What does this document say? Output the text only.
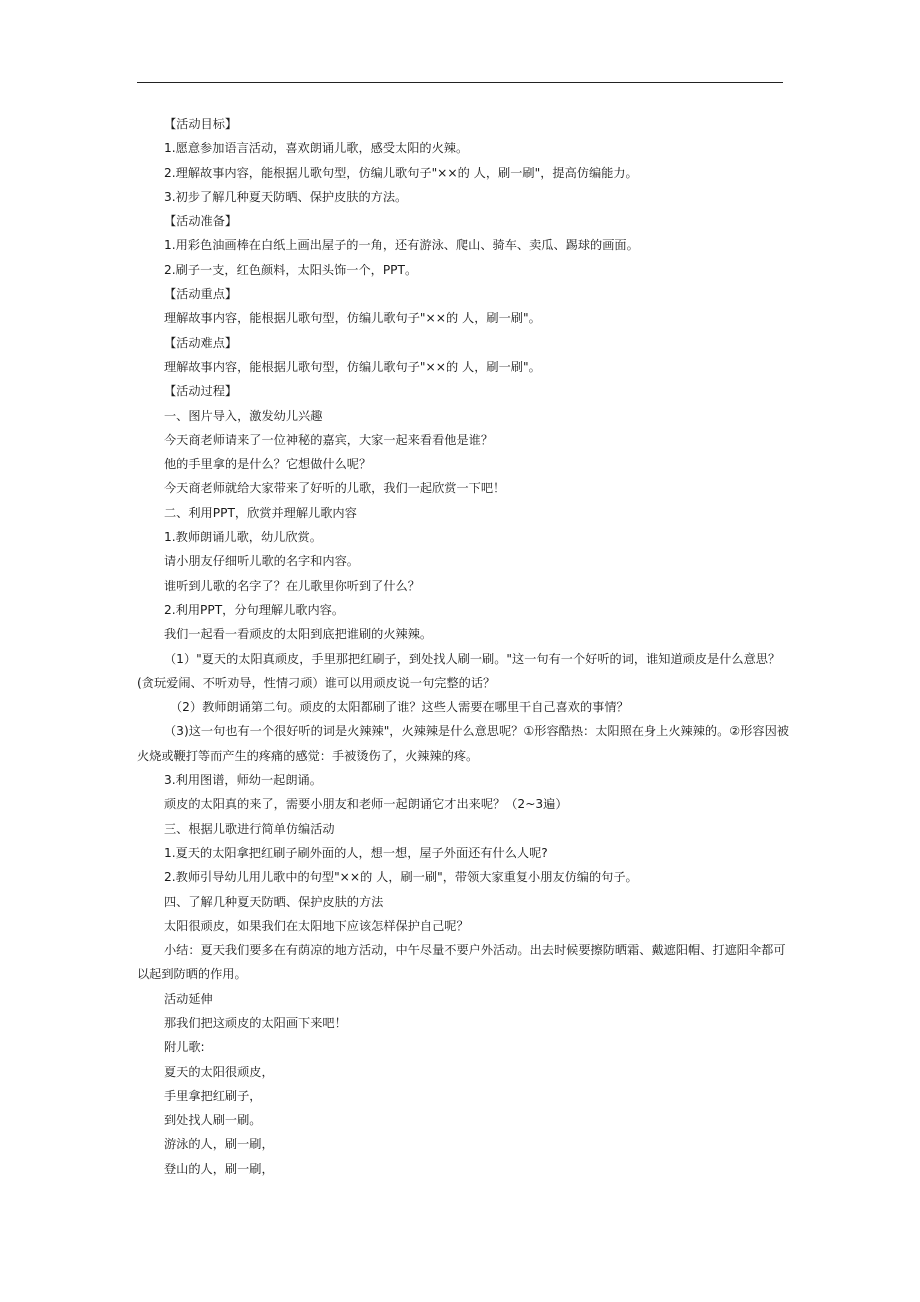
【活动目标】
1.愿意参加语言活动，喜欢朗诵儿歌，感受太阳的火辣。
2.理解故事内容，能根据儿歌句型，仿编儿歌句子"××的 人，刷一刷"，提高仿编能力。
3.初步了解几种夏天防晒、保护皮肤的方法。
【活动准备】
1.用彩色油画棒在白纸上画出屋子的一角，还有游泳、爬山、骑车、卖瓜、踢球的画面。
2.刷子一支，红色颜料，太阳头饰一个，PPT。
【活动重点】
理解故事内容，能根据儿歌句型，仿编儿歌句子"××的 人，刷一刷"。
【活动难点】
理解故事内容，能根据儿歌句型，仿编儿歌句子"××的 人，刷一刷"。
【活动过程】
一、图片导入，激发幼儿兴趣
今天商老师请来了一位神秘的嘉宾，大家一起来看看他是谁？
他的手里拿的是什么？它想做什么呢？
今天商老师就给大家带来了好听的儿歌，我们一起欣赏一下吧！
二、利用PPT，欣赏并理解儿歌内容
1.教师朗诵儿歌，幼儿欣赏。
请小朋友仔细听儿歌的名字和内容。
谁听到儿歌的名字了？在儿歌里你听到了什么？
2.利用PPT，分句理解儿歌内容。
我们一起看一看顽皮的太阳到底把谁刷的火辣辣。
（1）"夏天的太阳真顽皮，手里那把红刷子，到处找人刷一刷。"这一句有一个好听的词，谁知道顽皮是什么意思？(贪玩爱闹、不听劝导，性情刁顽）谁可以用顽皮说一句完整的话？
（2）教师朗诵第二句。顽皮的太阳都刷了谁？这些人需要在哪里干自己喜欢的事情？
（3)这一句也有一个很好听的词是火辣辣"，火辣辣是什么意思呢？①形容酷热：太阳照在身上火辣辣的。②形容因被火烧或鞭打等而产生的疼痛的感觉：手被烫伤了，火辣辣的疼。
3.利用图谱，师幼一起朗诵。
顽皮的太阳真的来了，需要小朋友和老师一起朗诵它才出来呢？（2~3遍）
三、根据儿歌进行简单仿编活动
1.夏天的太阳拿把红刷子刷外面的人，想一想，屋子外面还有什么人呢?
2.教师引导幼儿用儿歌中的句型"××的 人，刷一刷"，带领大家重复小朋友仿编的句子。
四、了解几种夏天防晒、保护皮肤的方法
太阳很顽皮，如果我们在太阳地下应该怎样保护自己呢？
小结：夏天我们要多在有荫凉的地方活动，中午尽量不要户外活动。出去时候要擦防晒霜、戴遮阳帽、打遮阳伞都可以起到防晒的作用。
活动延伸
那我们把这顽皮的太阳画下来吧！
附儿歌:
夏天的太阳很顽皮，
手里拿把红刷子，
到处找人刷一刷。
游泳的人，刷一刷，
登山的人，刷一刷，
